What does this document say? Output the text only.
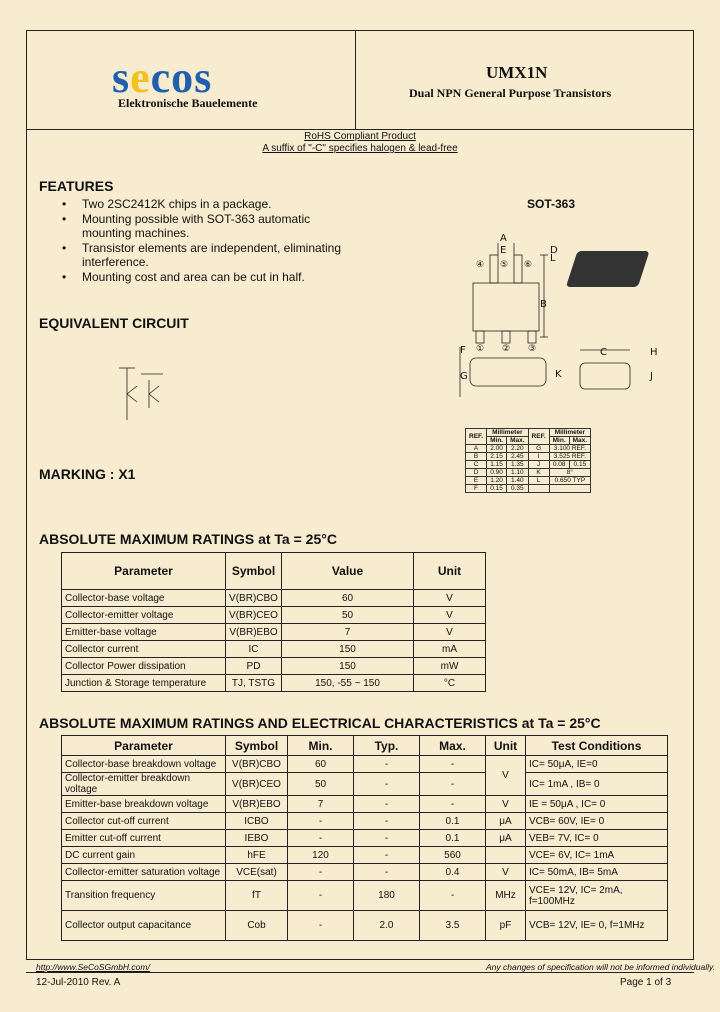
secos
Elektronische Bauelemente
UMX1N
Dual NPN General Purpose Transistors
RoHS Compliant Product
A suffix of "-C" specifies halogen & lead-free
FEATURES
• Two 2SC2412K chips in a package.
• Mounting possible with SOT-363 automatic mounting machines.
• Transistor elements are independent, eliminating interference.
• Mounting cost and area can be cut in half.
SOT-363
A
E
L
B
F
G
C	H
K	J
D
④ ⑤ ⑥
① ② ③
EQUIVALENT CIRCUIT
MARKING : X1
REF.	Millimeter		REF.	Millimeter	
	Min.	Max.		Min.	Max.
A	2.00	2.20	G	3.100 REF.	
B	2.15	2.45	I	3.525 REF.	
C	1.15	1.35	J	0.08	0.15
D	0.90	1.10	K	8°	
E	1.20	1.40	L	0.650 TYP	
F	0.15	0.35			
ABSOLUTE MAXIMUM RATINGS at Ta = 25°C
Parameter	Symbol	Value	Unit
Collector-base voltage	V(BR)CBO	60	V
Collector-emitter voltage	V(BR)CEO	50	V
Emitter-base voltage	V(BR)EBO	7	V
Collector current	IC	150	mA
Collector Power dissipation	PD	150	mW
Junction & Storage temperature	TJ, TSTG	150, -55 ~ 150	°C
ABSOLUTE MAXIMUM RATINGS AND ELECTRICAL CHARACTERISTICS at Ta = 25°C
Parameter	Symbol	Min.	Typ.	Max.	Unit	Test Conditions
Collector-base breakdown voltage	V(BR)CBO	60	-	-	V	IC= 50μA, IE=0
Collector-emitter breakdown voltage	V(BR)CEO	50	-	-		IC= 1mA , IB= 0
Emitter-base breakdown voltage	V(BR)EBO	7	-	-	V	IE = 50μA , IC= 0
Collector cut-off current	ICBO	-	-	0.1	μA	VCB= 60V, IE= 0
Emitter cut-off current	IEBO	-	-	0.1	μA	VEB= 7V, IC= 0
DC current gain	hFE	120	-	560		VCE= 6V, IC= 1mA
Collector-emitter saturation voltage	VCE(sat)	-	-	0.4	V	IC= 50mA, IB= 5mA
Transition frequency	fT	-	180	-	MHz	VCE= 12V, IC= 2mA,
f=100MHz

Collector output capacitance	Cob	-	2.0	3.5	pF	VCB= 12V, IE= 0, f=1MHz
http://www.SeCoSGmbH.com/	Any changes of specification will not be informed individually.
12-Jul-2010 Rev. A	Page 1 of 3
